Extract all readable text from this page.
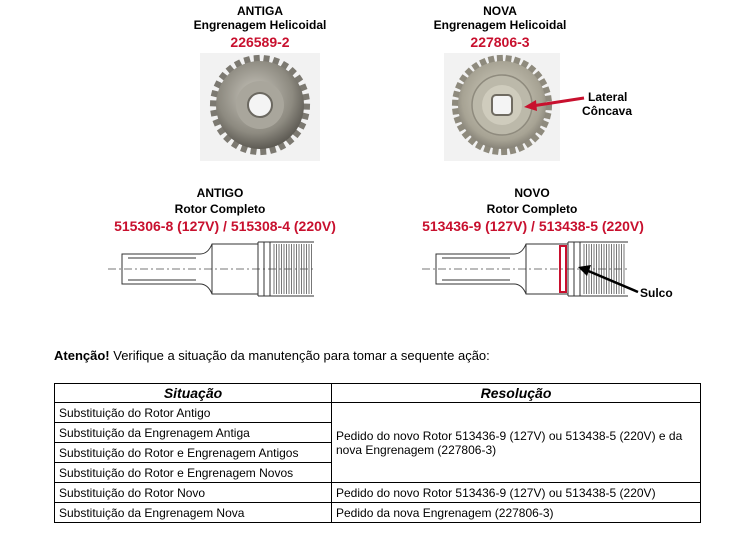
ANTIGA
Engrenagem Helicoidal
226589-2
NOVA
Engrenagem Helicoidal
227806-3
Lateral
Côncava
ANTIGO
Rotor Completo
515306-8 (127V) / 515308-4 (220V)
NOVO
Rotor Completo
513436-9 (127V) / 513438-5 (220V)
Sulco
Atenção! Verifique a situação da manutenção para tomar a sequente ação:
Situação	Resolução
Substituição do Rotor Antigo	Pedido do novo Rotor 513436-9 (127V) ou 513438-5 (220V) e da nova Engrenagem (227806-3)
Substituição da Engrenagem Antiga	
Substituição do Rotor e Engrenagem Antigos	
Substituição do Rotor e Engrenagem Novos	
Substituição do Rotor Novo	Pedido do novo Rotor 513436-9 (127V) ou 513438-5 (220V)
Substituição da Engrenagem Nova	Pedido da nova Engrenagem (227806-3)
